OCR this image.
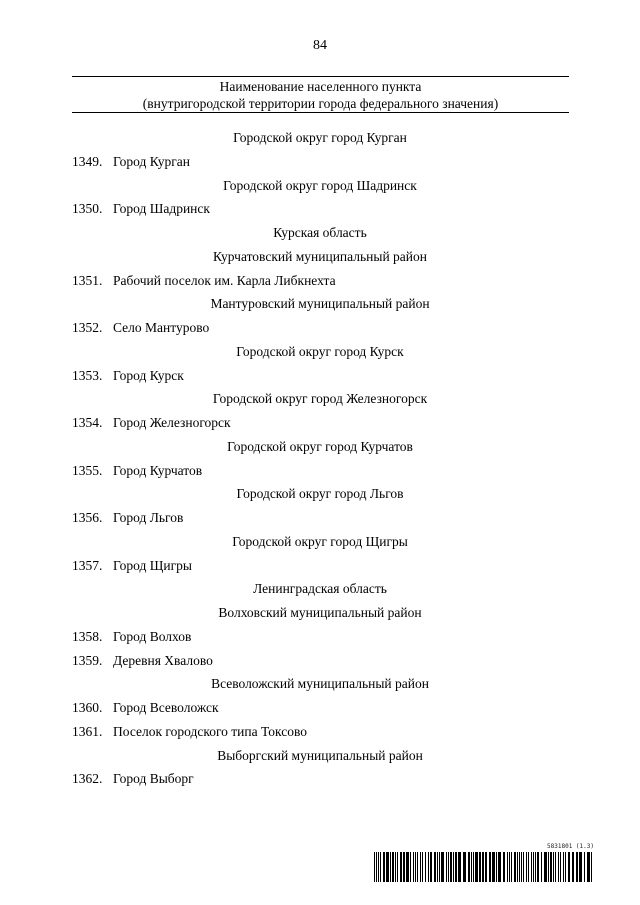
84
Наименование населенного пункта
(внутригородской территории города федерального значения)
Городской округ город Курган
1349. Город Курган
Городской округ город Шадринск
1350. Город Шадринск
Курская область
Курчатовский муниципальный район
1351. Рабочий поселок им. Карла Либкнехта
Мантуровский муниципальный район
1352. Село Мантурово
Городской округ город Курск
1353. Город Курск
Городской округ город Железногорск
1354. Город Железногорск
Городской округ город Курчатов
1355. Город Курчатов
Городской округ город Льгов
1356. Город Льгов
Городской округ город Щигры
1357. Город Щигры
Ленинградская область
Волховский муниципальный район
1358. Город Волхов
1359. Деревня Хвалово
Всеволожский муниципальный район
1360. Город Всеволожск
1361. Поселок городского типа Токсово
Выборгский муниципальный район
1362. Город Выборг
5831801 (1.3)
